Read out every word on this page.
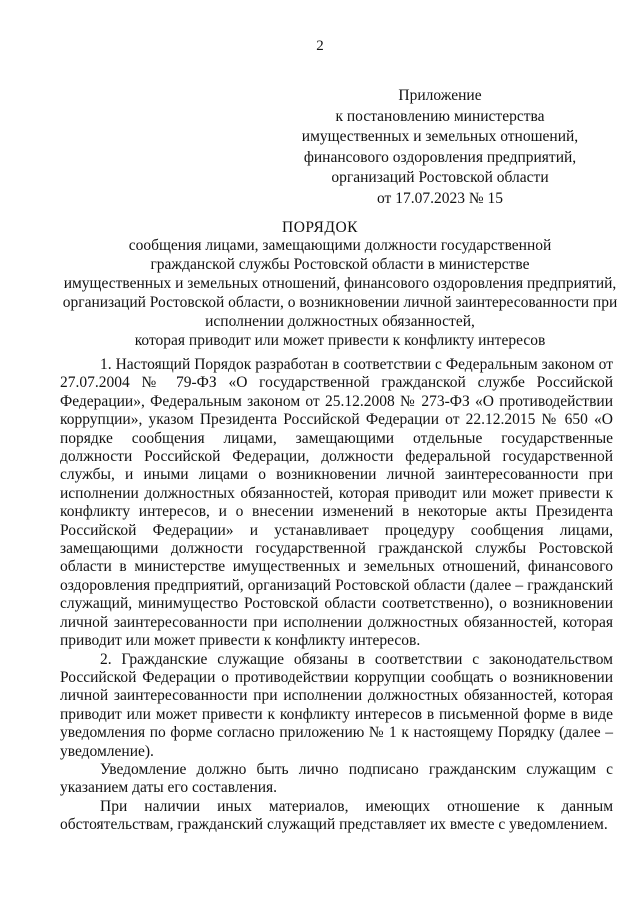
2
Приложение
к постановлению министерства
имущественных и земельных отношений,
финансового оздоровления предприятий,
организаций Ростовской области
от 17.07.2023 № 15
ПОРЯДОК
сообщения лицами, замещающими должности государственной
гражданской службы Ростовской области в министерстве
имущественных и земельных отношений, финансового оздоровления предприятий,
организаций Ростовской области, о возникновении личной заинтересованности при
исполнении должностных обязанностей,
которая приводит или может привести к конфликту интересов

1. Настоящий Порядок разработан в соответствии с Федеральным законом от 27.07.2004 № 79-ФЗ «О государственной гражданской службе Российской Федерации», Федеральным законом от 25.12.2008 № 273-ФЗ «О противодействии коррупции», указом Президента Российской Федерации от 22.12.2015 № 650 «О порядке сообщения лицами, замещающими отдельные государственные должности Российской Федерации, должности федеральной государственной службы, и иными лицами о возникновении личной заинтересованности при исполнении должностных обязанностей, которая приводит или может привести к конфликту интересов, и о внесении изменений в некоторые акты Президента Российской Федерации» и устанавливает процедуру сообщения лицами, замещающими должности государственной гражданской службы Ростовской области в министерстве имущественных и земельных отношений, финансового оздоровления предприятий, организаций Ростовской области (далее – гражданский служащий, минимущество Ростовской области соответственно), о возникновении личной заинтересованности при исполнении должностных обязанностей, которая приводит или может привести к конфликту интересов.

2. Гражданские служащие обязаны в соответствии с законодательством Российской Федерации о противодействии коррупции сообщать о возникновении личной заинтересованности при исполнении должностных обязанностей, которая приводит или может привести к конфликту интересов в письменной форме в виде уведомления по форме согласно приложению № 1 к настоящему Порядку (далее – уведомление).

Уведомление должно быть лично подписано гражданским служащим с указанием даты его составления.

При наличии иных материалов, имеющих отношение к данным обстоятельствам, гражданский служащий представляет их вместе с уведомлением.
